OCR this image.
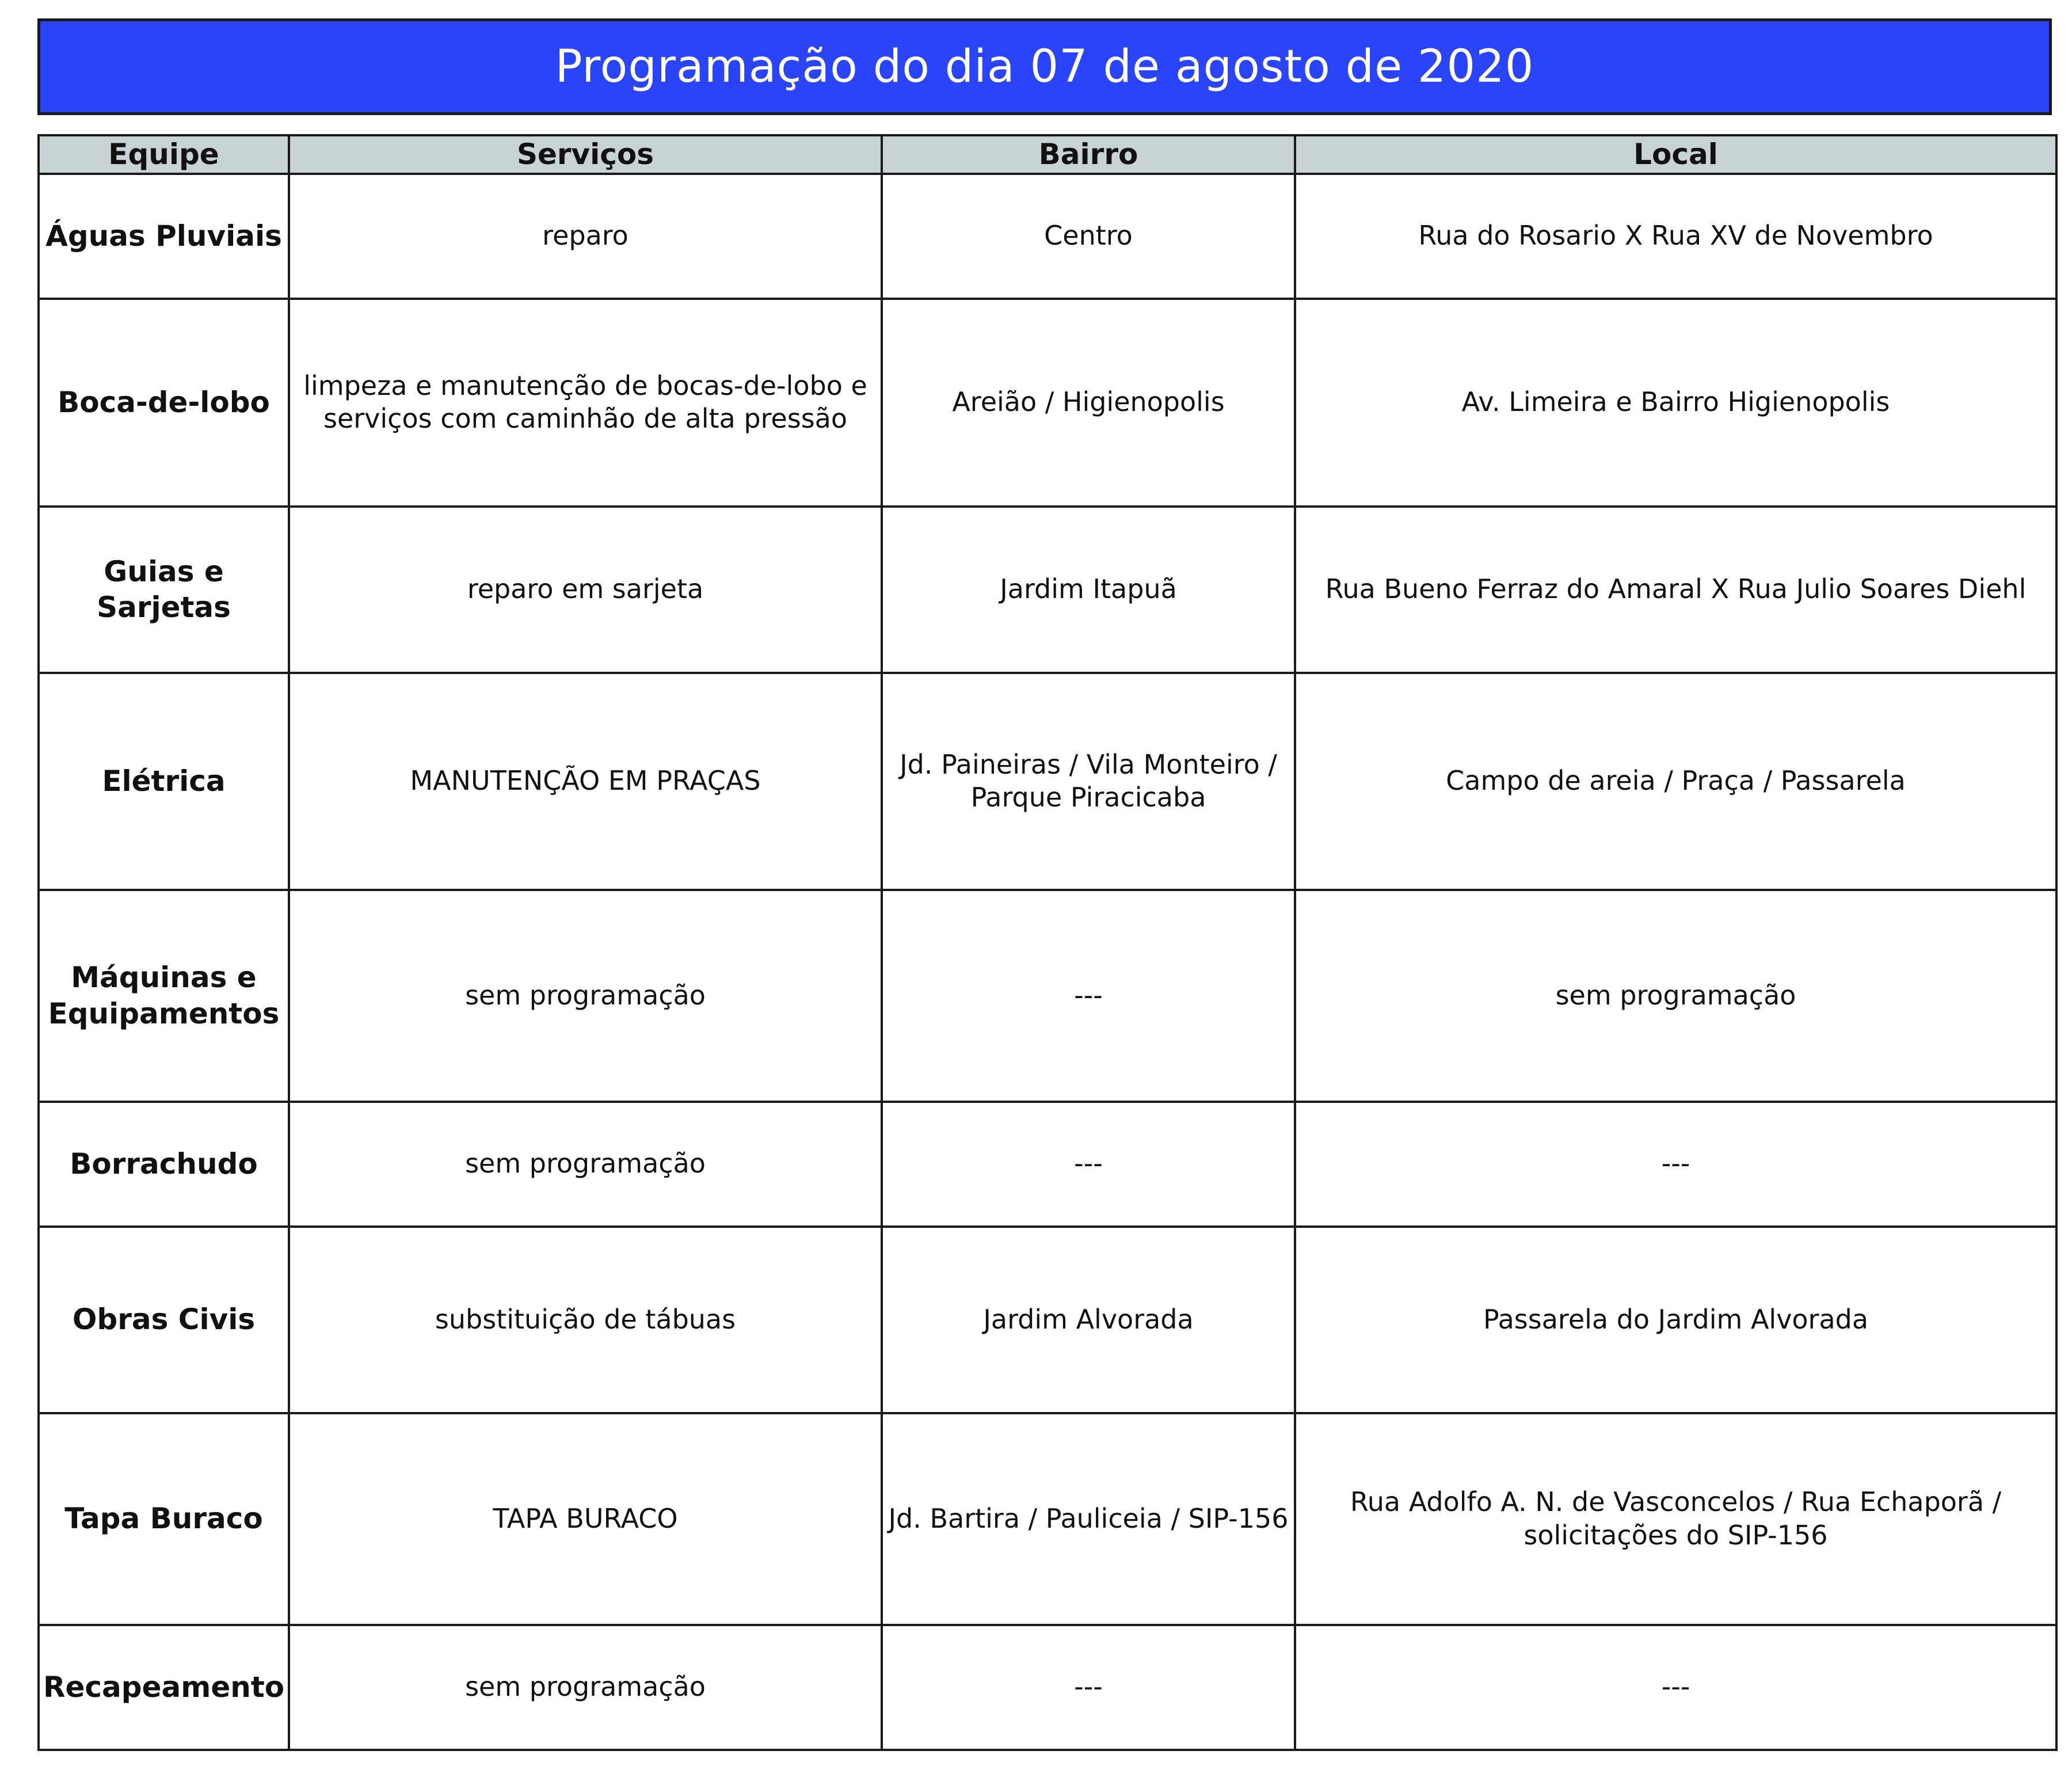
Programação do dia 07 de agosto de 2020
Equipe	Serviços	Bairro	Local
Águas Pluviais	reparo	Centro	Rua do Rosario X Rua XV de Novembro
Boca-de-lobo	limpeza e manutenção de bocas-de-lobo e serviços com caminhão de alta pressão	Areião / Higienopolis	Av. Limeira e Bairro Higienopolis
Guias e Sarjetas	reparo em sarjeta	Jardim Itapuã	Rua Bueno Ferraz do Amaral X Rua Julio Soares Diehl
Elétrica	MANUTENÇÃO EM PRAÇAS	Jd. Paineiras / Vila Monteiro / Parque Piracicaba	Campo de areia / Praça / Passarela
Máquinas e Equipamentos	sem programação	---	sem programação
Borrachudo	sem programação	---	---
Obras Civis	substituição de tábuas	Jardim Alvorada	Passarela do Jardim Alvorada
Tapa Buraco	TAPA BURACO	Jd. Bartira / Pauliceia / SIP-156	Rua Adolfo A. N. de Vasconcelos / Rua Echaporã / solicitações do SIP-156
Recapeamento	sem programação	---	---
